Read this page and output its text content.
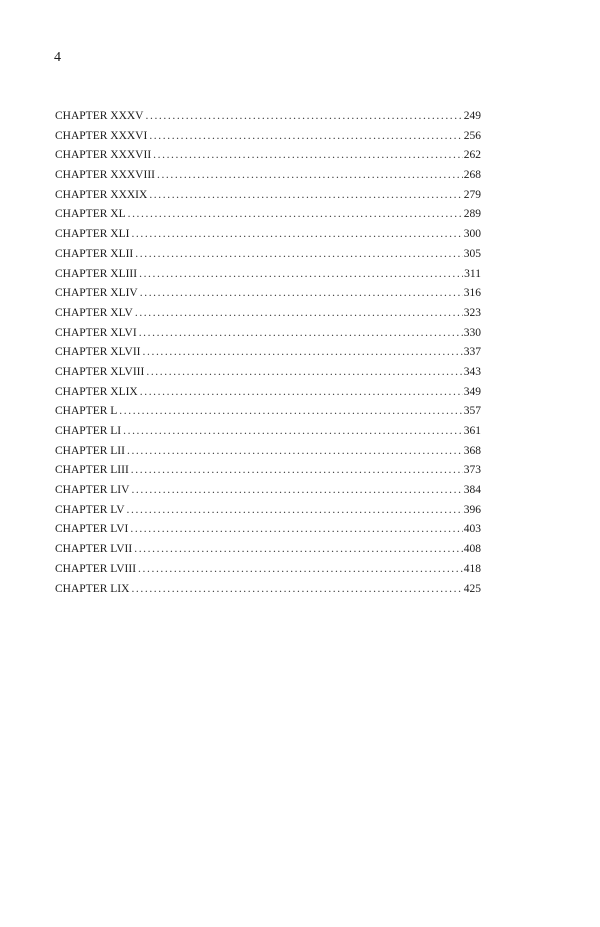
4
CHAPTER XXXV .....	249
CHAPTER XXXVI .....	256
CHAPTER XXXVII .....	262
CHAPTER XXXVIII .....	268
CHAPTER XXXIX .....	279
CHAPTER XL .....	289
CHAPTER XLI .....	300
CHAPTER XLII .....	305
CHAPTER XLIII .....	311
CHAPTER XLIV .....	316
CHAPTER XLV .....	323
CHAPTER XLVI .....	330
CHAPTER XLVII .....	337
CHAPTER XLVIII .....	343
CHAPTER XLIX .....	349
CHAPTER L .....	357
CHAPTER LI .....	361
CHAPTER LII .....	368
CHAPTER LIII .....	373
CHAPTER LIV .....	384
CHAPTER LV .....	396
CHAPTER LVI .....	403
CHAPTER LVII .....	408
CHAPTER LVIII .....	418
CHAPTER LIX .....	425
